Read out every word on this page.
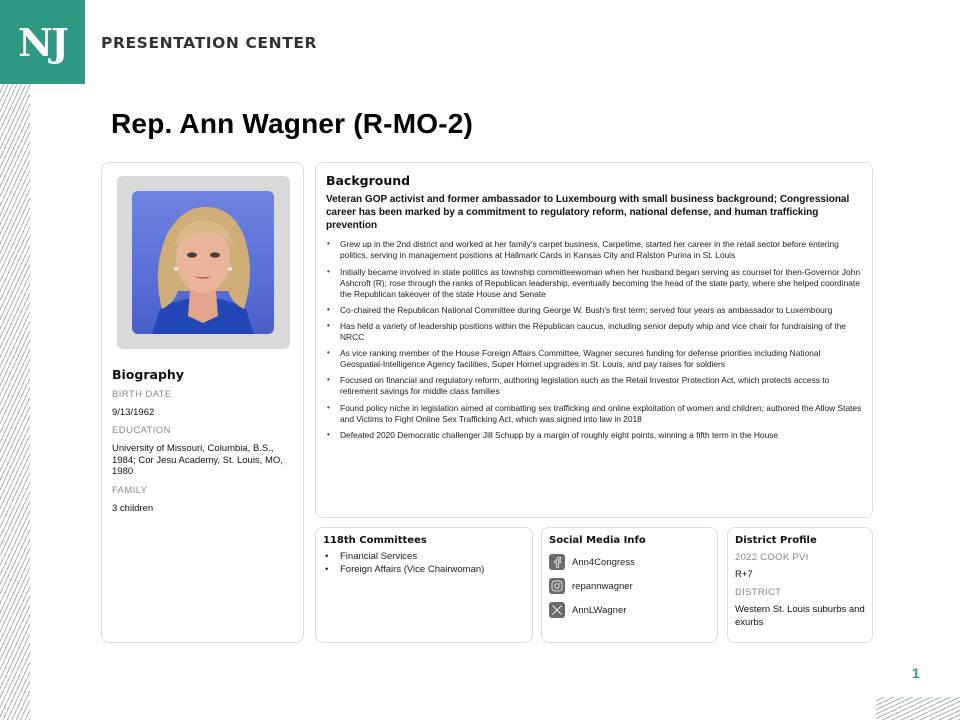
NJ PRESENTATION CENTER
Rep. Ann Wagner (R-MO-2)
Biography
BIRTH DATE
9/13/1962
EDUCATION
University of Missouri, Columbia, B.S., 1984; Cor Jesu Academy, St. Louis, MO, 1980
FAMILY
3 children
Background
Veteran GOP activist and former ambassador to Luxembourg with small business background; Congressional career has been marked by a commitment to regulatory reform, national defense, and human trafficking prevention
• Grew up in the 2nd district and worked at her family's carpet business, Carpetime; started her career in the retail sector before entering politics, serving in management positions at Hallmark Cards in Kansas City and Ralston Purina in St. Louis
• Initially became involved in state politics as township committeewoman when her husband began serving as counsel for then-Governor John Ashcroft (R); rose through the ranks of Republican leadership, eventually becoming the head of the state party, where she helped coordinate the Republican takeover of the state House and Senate
• Co-chaired the Republican National Committee during George W. Bush's first term; served four years as ambassador to Luxembourg
• Has held a variety of leadership positions within the Republican caucus, including senior deputy whip and vice chair for fundraising of the NRCC
• As vice ranking member of the House Foreign Affairs Committee, Wagner secures funding for defense priorities including National Geospatial-Intelligence Agency facilities, Super Hornet upgrades in St. Louis, and pay raises for soldiers
• Focused on financial and regulatory reform, authoring legislation such as the Retail Investor Protection Act, which protects access to retirement savings for middle class families
• Found policy niche in legislation aimed at combatting sex trafficking and online exploitation of women and children; authored the Allow States and Victims to Fight Online Sex Trafficking Act, which was signed into law in 2018
• Defeated 2020 Democratic challenger Jill Schupp by a margin of roughly eight points, winning a fifth term in the House
118th Committees
• Financial Services
• Foreign Affairs (Vice Chairwoman)
Social Media Info
Ann4Congress
repannwagner
AnnLWagner
District Profile
2022 COOK PVI
R+7
DISTRICT
Western St. Louis suburbs and exurbs
1
